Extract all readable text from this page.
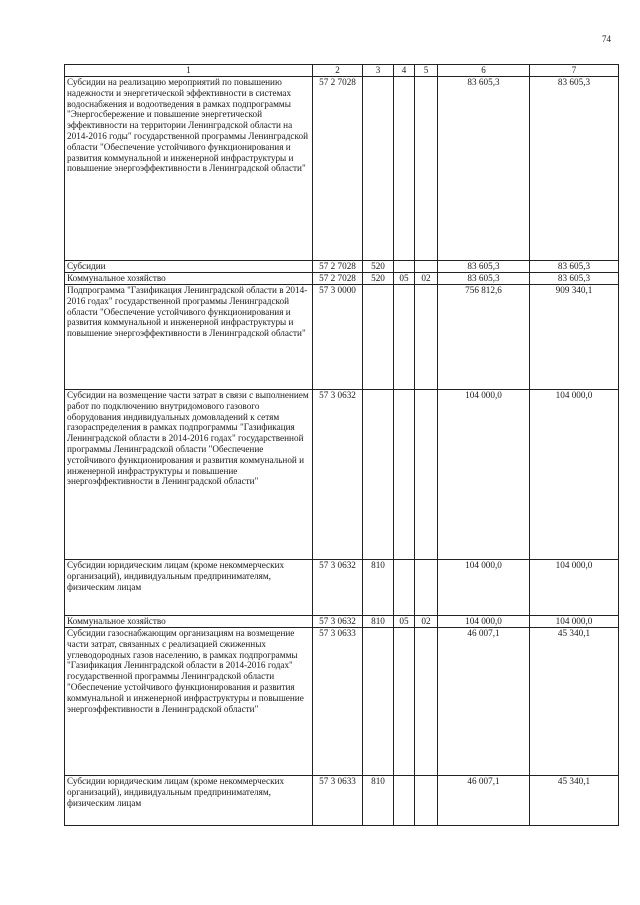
74
1	2	3	4	5	6	7
Субсидии на реализацию мероприятий по повышению надежности и энергетической эффективности в системах водоснабжения и водоотведения в рамках подпрограммы "Энергосбережение и повышение энергетической эффективности на территории Ленинградской области на 2014-2016 годы" государственной программы Ленинградской области "Обеспечение устойчивого функционирования и развития коммунальной и инженерной инфраструктуры и повышение энергоэффективности в Ленинградской области"	57 2 7028				83 605,3	83 605,3
Субсидии	57 2 7028	520			83 605,3	83 605,3
Коммунальное хозяйство	57 2 7028	520	05	02	83 605,3	83 605,3
Подпрограмма "Газификация Ленинградской области в 2014-2016 годах" государственной программы Ленинградской области "Обеспечение устойчивого функционирования и развития коммунальной и инженерной инфраструктуры и повышение энергоэффективности в Ленинградской области"	57 3 0000				756 812,6	909 340,1
Субсидии на возмещение части затрат в связи с выполнением работ по подключению внутридомового газового оборудования индивидуальных домовладений к сетям газораспределения в рамках подпрограммы "Газификация Ленинградской области в 2014-2016 годах" государственной программы Ленинградской области "Обеспечение устойчивого функционирования и развития коммунальной и инженерной инфраструктуры и повышение энергоэффективности в Ленинградской области"	57 3 0632				104 000,0	104 000,0
Субсидии юридическим лицам (кроме некоммерческих организаций), индивидуальным предпринимателям, физическим лицам	57 3 0632	810			104 000,0	104 000,0
Коммунальное хозяйство	57 3 0632	810	05	02	104 000,0	104 000,0
Субсидии газоснабжающим организациям на возмещение части затрат, связанных с реализацией сжиженных углеводородных газов населению, в рамках подпрограммы "Газификация Ленинградской области в 2014-2016 годах" государственной программы Ленинградской области "Обеспечение устойчивого функционирования и развития коммунальной и инженерной инфраструктуры и повышение энергоэффективности в Ленинградской области"	57 3 0633				46 007,1	45 340,1
Субсидии юридическим лицам (кроме некоммерческих организаций), индивидуальным предпринимателям, физическим лицам	57 3 0633	810			46 007,1	45 340,1
